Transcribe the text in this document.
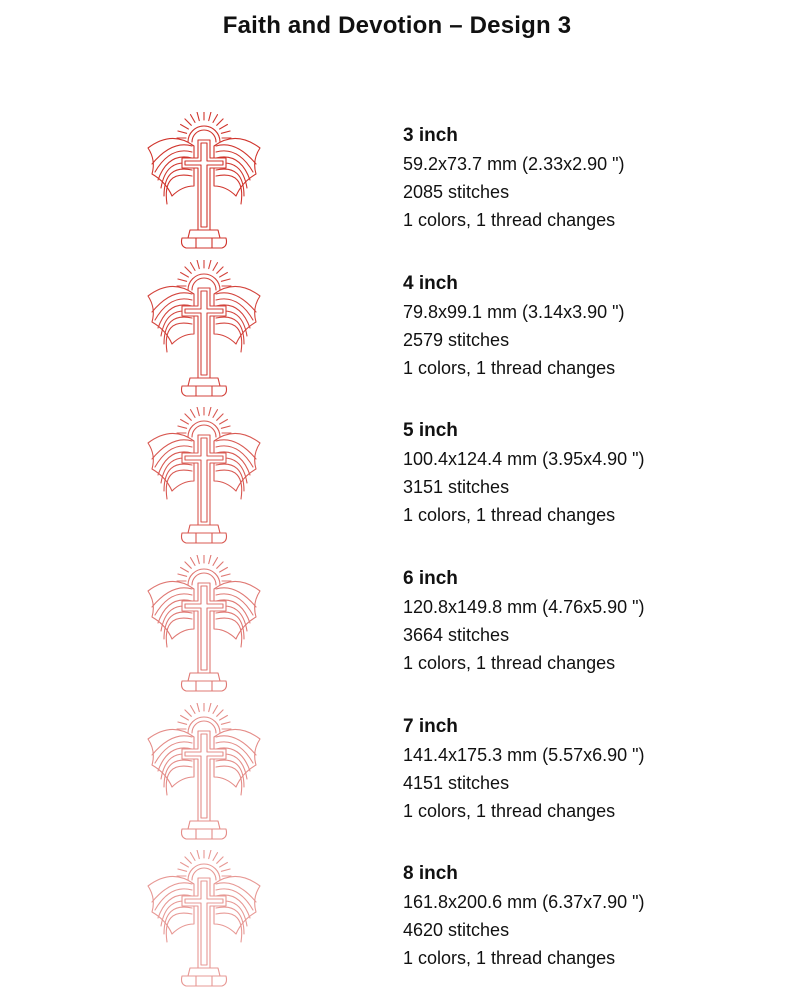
Faith and Devotion – Design 3
3 inch
59.2x73.7 mm (2.33x2.90 ")
2085 stitches
1 colors, 1 thread changes
4 inch
79.8x99.1 mm (3.14x3.90 ")
2579 stitches
1 colors, 1 thread changes
5 inch
100.4x124.4 mm (3.95x4.90 ")
3151 stitches
1 colors, 1 thread changes
6 inch
120.8x149.8 mm (4.76x5.90 ")
3664 stitches
1 colors, 1 thread changes
7 inch
141.4x175.3 mm (5.57x6.90 ")
4151 stitches
1 colors, 1 thread changes
8 inch
161.8x200.6 mm (6.37x7.90 ")
4620 stitches
1 colors, 1 thread changes
